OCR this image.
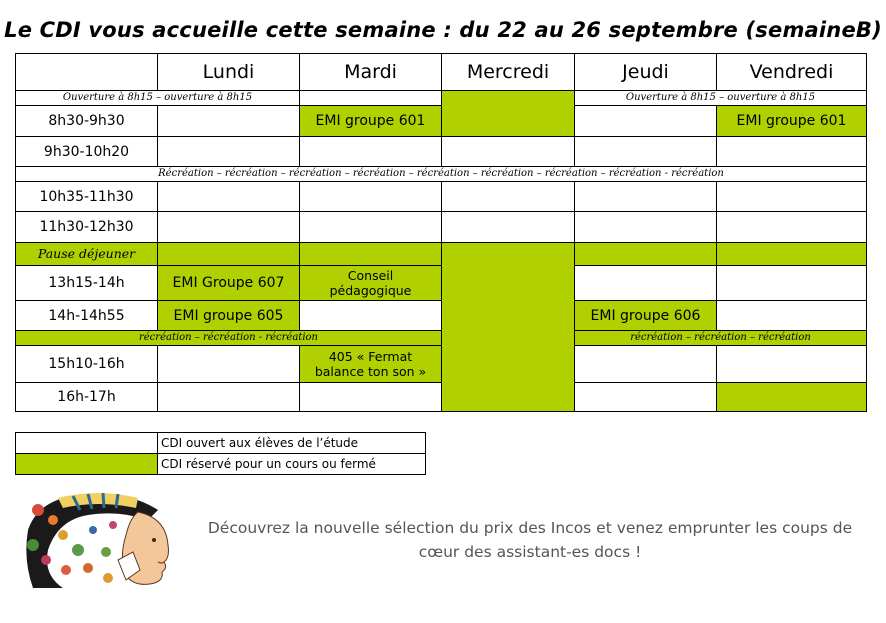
Le CDI vous accueille cette semaine : du 22 au 26 septembre (semaineB)
	Lundi	Mardi	Mercredi	Jeudi	Vendredi
Ouverture à 8h15 – ouverture à 8h15				Ouverture à 8h15 – ouverture à 8h15	
8h30-9h30		EMI groupe 601			EMI groupe 601
9h30-10h20					
Récréation – récréation – récréation – récréation – récréation – récréation – récréation – récréation - récréation					
10h35-11h30					
11h30-12h30					
Pause déjeuner					
13h15-14h	EMI Groupe 607	Conseil
pédagogique			

14h-14h55	EMI groupe 605			EMI groupe 606	
récréation – récréation - récréation				récréation – récréation – récréation	
15h10-16h		405 « Fermat
balance ton son »			

16h-17h					
	CDI ouvert aux élèves de l’étude
	CDI réservé pour un cours ou fermé
Découvrez la nouvelle sélection du prix des Incos et venez emprunter les coups de
cœur des assistant-es docs !
